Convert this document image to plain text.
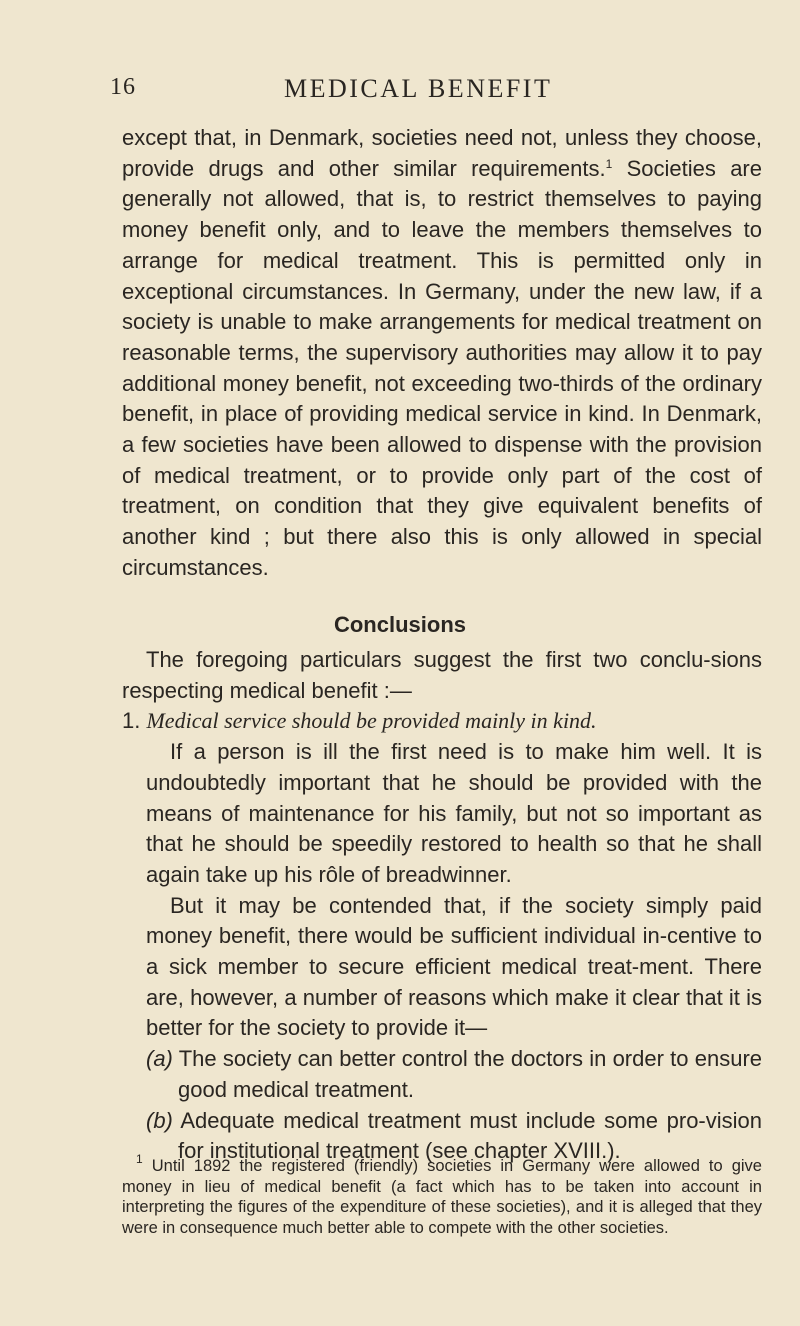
16	MEDICAL BENEFIT
except that, in Denmark, societies need not, unless they choose, provide drugs and other similar requirements.$^1$ Societies are generally not allowed, that is, to restrict themselves to paying money benefit only, and to leave the members themselves to arrange for medical treatment. This is permitted only in exceptional circumstances. In Germany, under the new law, if a society is unable to make arrangements for medical treatment on reasonable terms, the supervisory authorities may allow it to pay additional money benefit, not exceeding two-thirds of the ordinary benefit, in place of providing medical service in kind. In Denmark, a few societies have been allowed to dispense with the provision of medical treatment, or to provide only part of the cost of treatment, on condition that they give equivalent benefits of another kind ; but there also this is only allowed in special circumstances.
Conclusions

The foregoing particulars suggest the first two conclu-sions respecting medical benefit :—

1. Medical service should be provided mainly in kind.

If a person is ill the first need is to make him well. It is undoubtedly important that he should be provided with the means of maintenance for his family, but not so important as that he should be speedily restored to health so that he shall again take up his rôle of breadwinner.

But it may be contended that, if the society simply paid money benefit, there would be sufficient individual in-centive to a sick member to secure efficient medical treat-ment. There are, however, a number of reasons which make it clear that it is better for the society to provide it—

(a) The society can better control the doctors in order to ensure good medical treatment.

(b) Adequate medical treatment must include some pro-vision for institutional treatment (see chapter XVIII.).

$^1$ Until 1892 the registered (friendly) societies in Germany were allowed to give money in lieu of medical benefit (a fact which has to be taken into account in interpreting the figures of the expenditure of these societies), and it is alleged that they were in consequence much better able to compete with the other societies.
